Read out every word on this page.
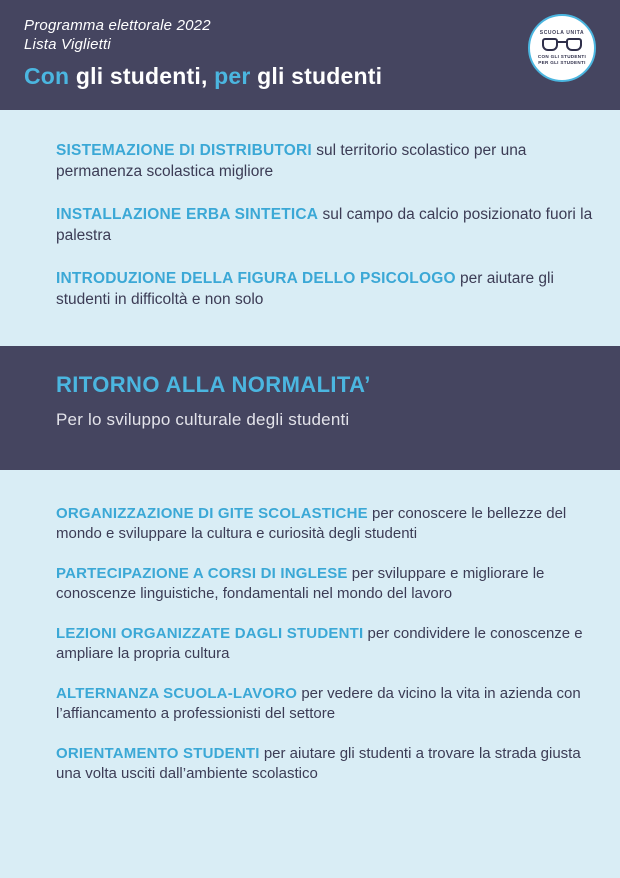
Programma elettorale 2022
Lista Viglietti
Con gli studenti, per gli studenti
SCUOLA UNITA
CON GLI STUDENTI
PER GLI STUDENTI
SISTEMAZIONE DI DISTRIBUTORI sul territorio scolastico per una permanenza scolastica migliore
INSTALLAZIONE ERBA SINTETICA sul campo da calcio posizionato fuori la palestra
INTRODUZIONE DELLA FIGURA DELLO PSICOLOGO per aiutare gli studenti in difficoltà e non solo
RITORNO ALLA NORMALITA’
Per lo sviluppo culturale degli studenti
ORGANIZZAZIONE DI GITE SCOLASTICHE per conoscere le bellezze del mondo e sviluppare la cultura e curiosità degli studenti
PARTECIPAZIONE A CORSI DI INGLESE per sviluppare e migliorare le conoscenze linguistiche, fondamentali nel mondo del lavoro
LEZIONI ORGANIZZATE DAGLI STUDENTI per condividere le conoscenze e ampliare la propria cultura
ALTERNANZA SCUOLA-LAVORO per vedere da vicino la vita in azienda con l’affiancamento a professionisti del settore
ORIENTAMENTO STUDENTI per aiutare gli studenti a trovare la strada giusta una volta usciti dall’ambiente scolastico
